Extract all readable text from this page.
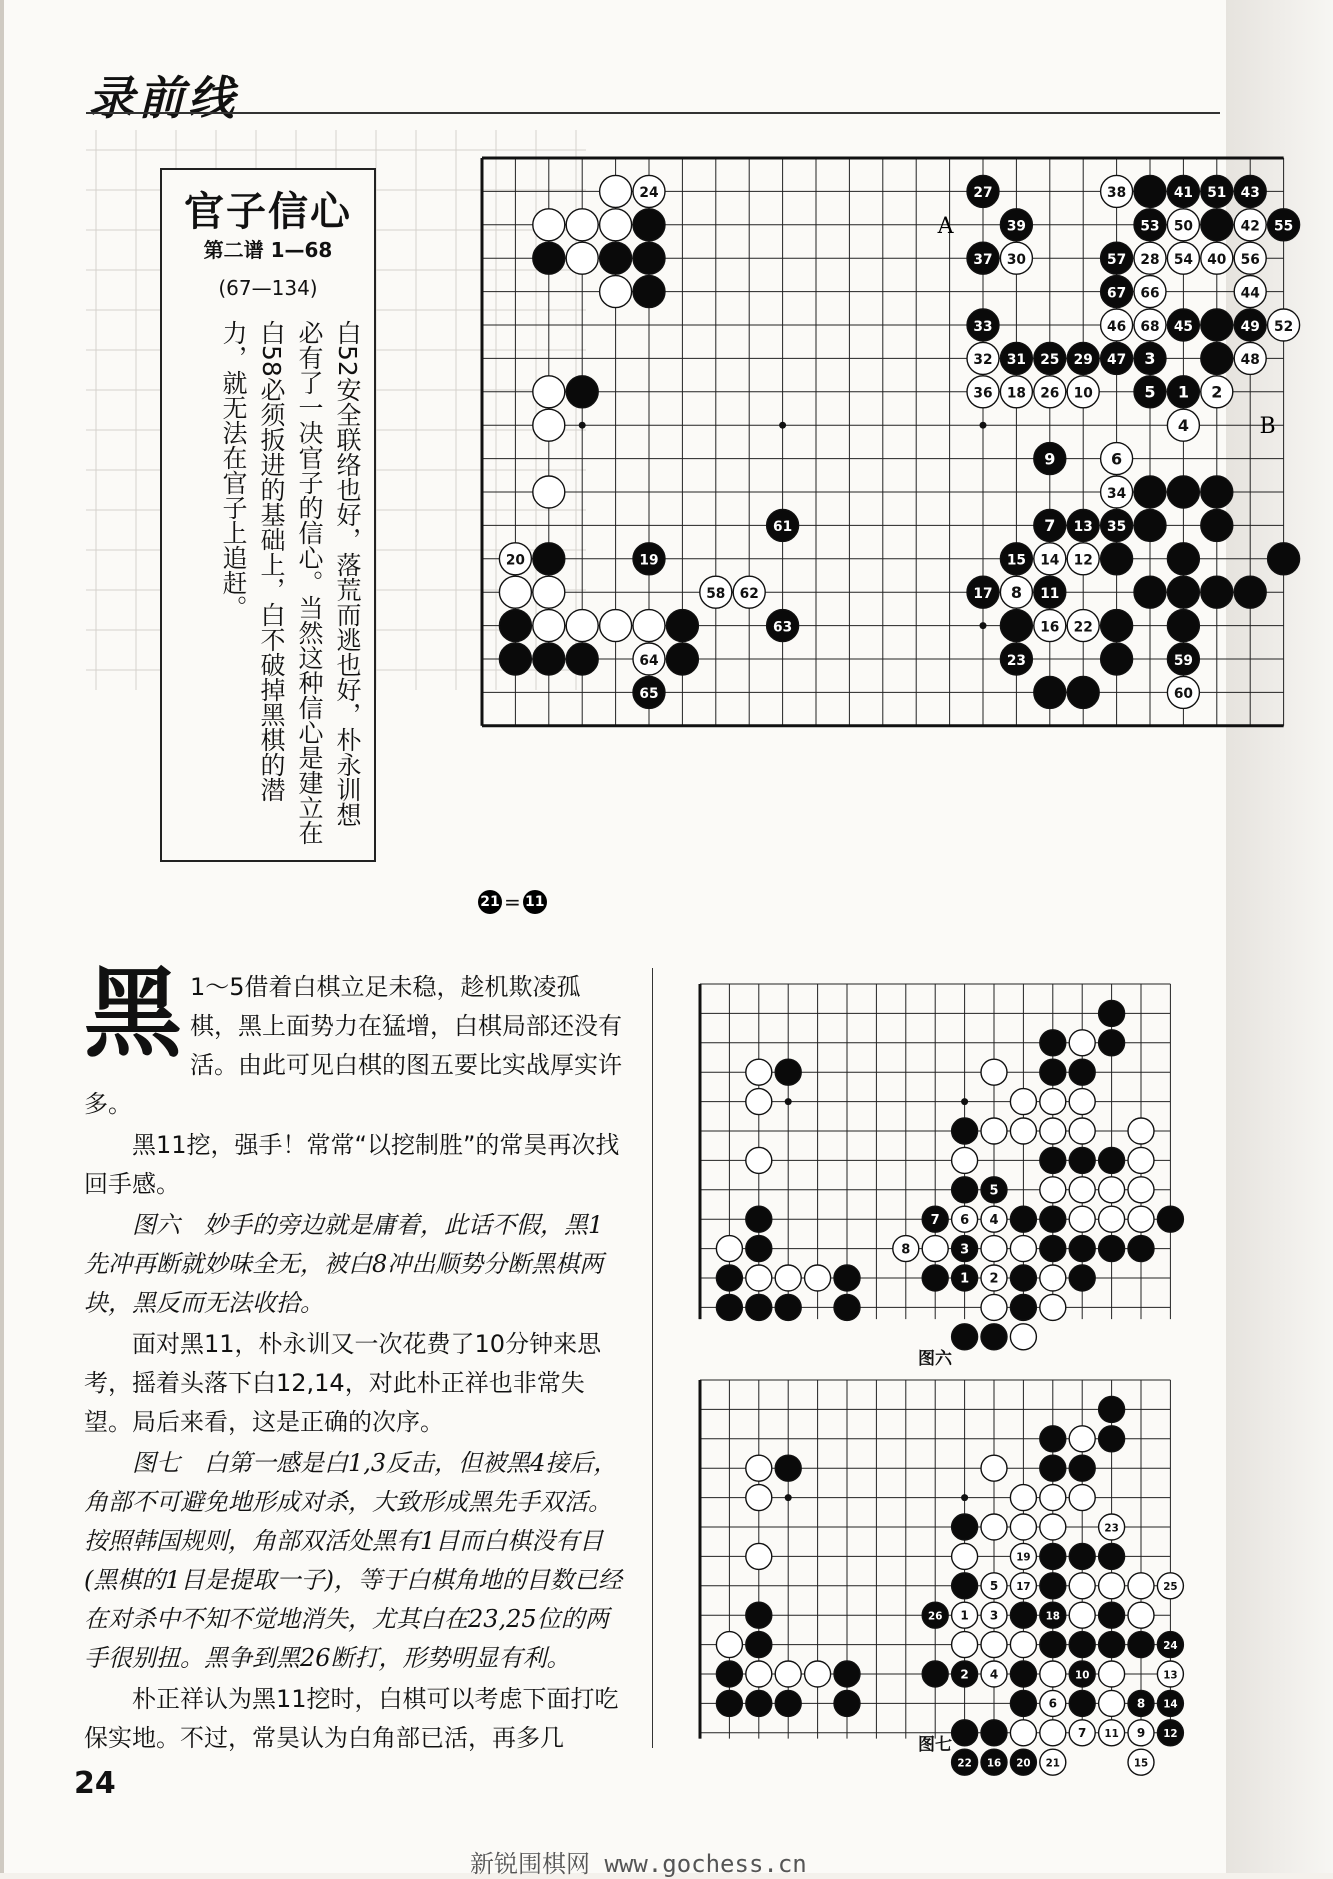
录前线
官子信心
第二谱 1—68
(67—134)
白52安全联络也好，落荒而逃也好，朴永训想必有了一决官子的信心。当然这种信心是建立在白58必须扳进的基础上，白不破掉黑棋的潜力，就无法在官子上追赶。
27	38	41 51 43
24
39	53 50	42 55
37 30	57 28 54 40 56
67 66	44
33	46 68 45	49 52
32 31 25 29 47 3	48
36 18 26 10	5 1 2
4
9	6
34
61	7 13 35
20	19	15 14 12
58 62	17 8 11
63	16 22
64	23	59
65	60
A
B
21 = 11

黑 1～5借着白棋立足未稳，趁机欺凌孤棋，黑上面势力在猛增，白棋局部还没有活。由此可见白棋的图五要比实战厚实许多。

黑11挖，强手！常常“以挖制胜”的常昊再次找回手感。

图六　妙手的旁边就是庸着，此话不假，黑1先冲再断就妙味全无，被白8冲出顺势分断黑棋两块，黑反而无法收拾。

面对黑11，朴永训又一次花费了10分钟来思考，摇着头落下白12,14，对此朴正祥也非常失望。局后来看，这是正确的次序。

图七　白第一感是白1,3反击，但被黑4接后，角部不可避免地形成对杀，大致形成黑先手双活。按照韩国规则，角部双活处黑有1目而白棋没有目(黑棋的1目是提取一子)，等于白棋角地的目数已经在对杀中不知不觉地消失，尤其白在23,25位的两手很别扭。黑争到黑26断打，形势明显有利。

朴正祥认为黑11挖时，白棋可以考虑下面打吃保实地。不过，常昊认为白角部已活，再多几

5
7 6 4
8	3
1 2
图六
23
19
5 17	25
26 1 3	18
24
2 4	10	13
6	8 14
7 11 9 12
22 16 20 21	15
图七
24
新锐围棋网 www.gochess.cn
